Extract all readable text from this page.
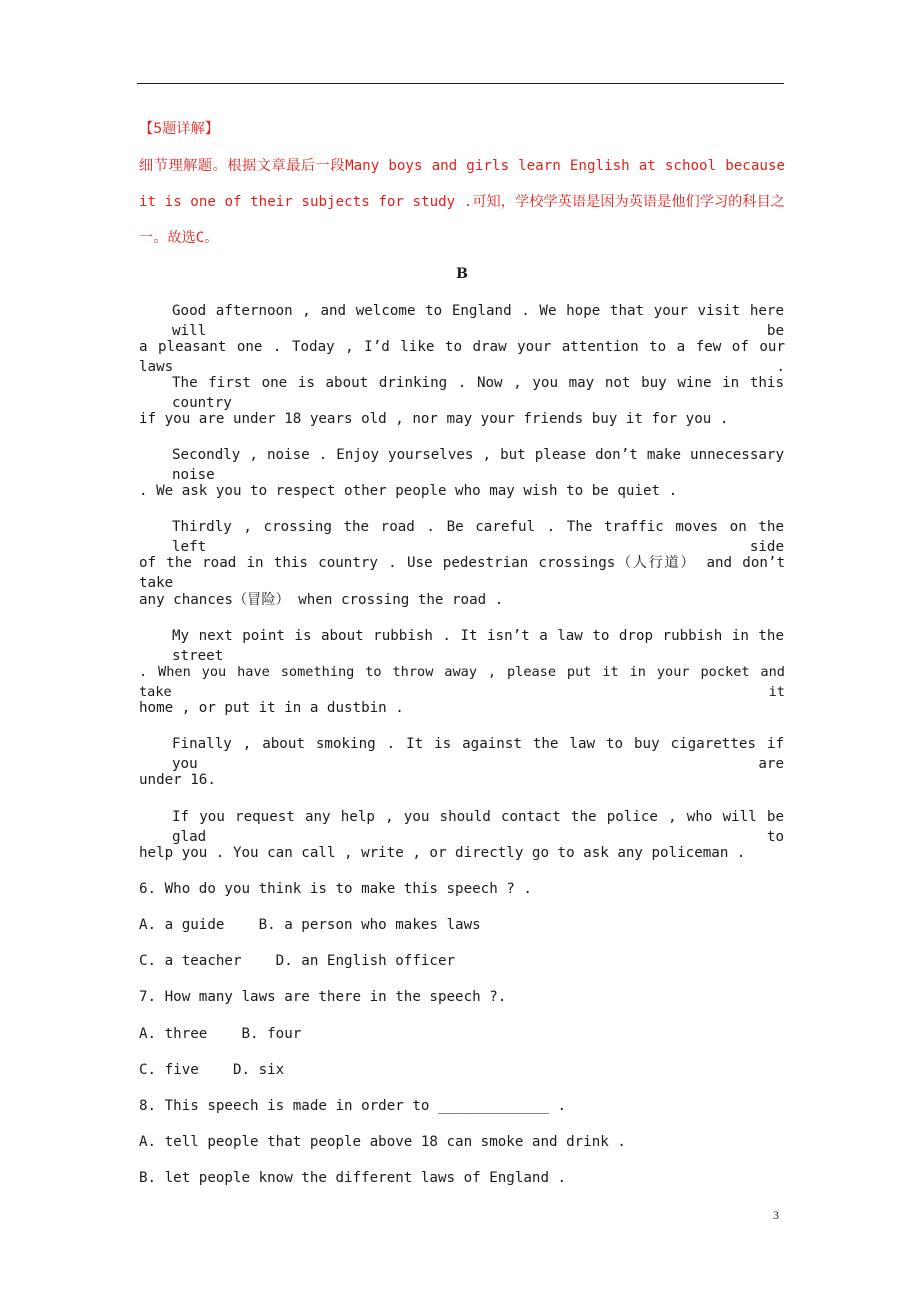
【5题详解】
细节理解题。根据文章最后一段Many boys and girls learn English at school because
it is one of their subjects for study .可知，学校学英语是因为英语是他们学习的科目之
一。故选C。
B
Good afternoon , and welcome to England . We hope that your visit here will be
a pleasant one . Today , I’d like to draw your attention to a few of our laws .
The first one is about drinking . Now , you may not buy wine in this country
if you are under 18 years old , nor may your friends buy it for you .
Secondly , noise . Enjoy yourselves , but please don’t make unnecessary noise
. We ask you to respect other people who may wish to be quiet .
Thirdly , crossing the road . Be careful . The traffic moves on the left side
of the road in this country . Use pedestrian crossings（人行道） and don’t take
any chances（冒险） when crossing the road .
My next point is about rubbish . It isn’t a law to drop rubbish in the street
. When you have something to throw away , please put it in your pocket and take it
home , or put it in a dustbin .
Finally , about smoking . It is against the law to buy cigarettes if you are
under 16.
If you request any help , you should contact the police , who will be glad to
help you . You can call , write , or directly go to ask any policeman .
6. Who do you think is to make this speech ? .
A. a guide    B. a person who makes laws
C. a teacher    D. an English officer
7. How many laws are there in the speech ?.
A. three    B. four
C. five    D. six
8. This speech is made in order to _____________ .
A. tell people that people above 18 can smoke and drink .
B. let people know the different laws of England .
3
